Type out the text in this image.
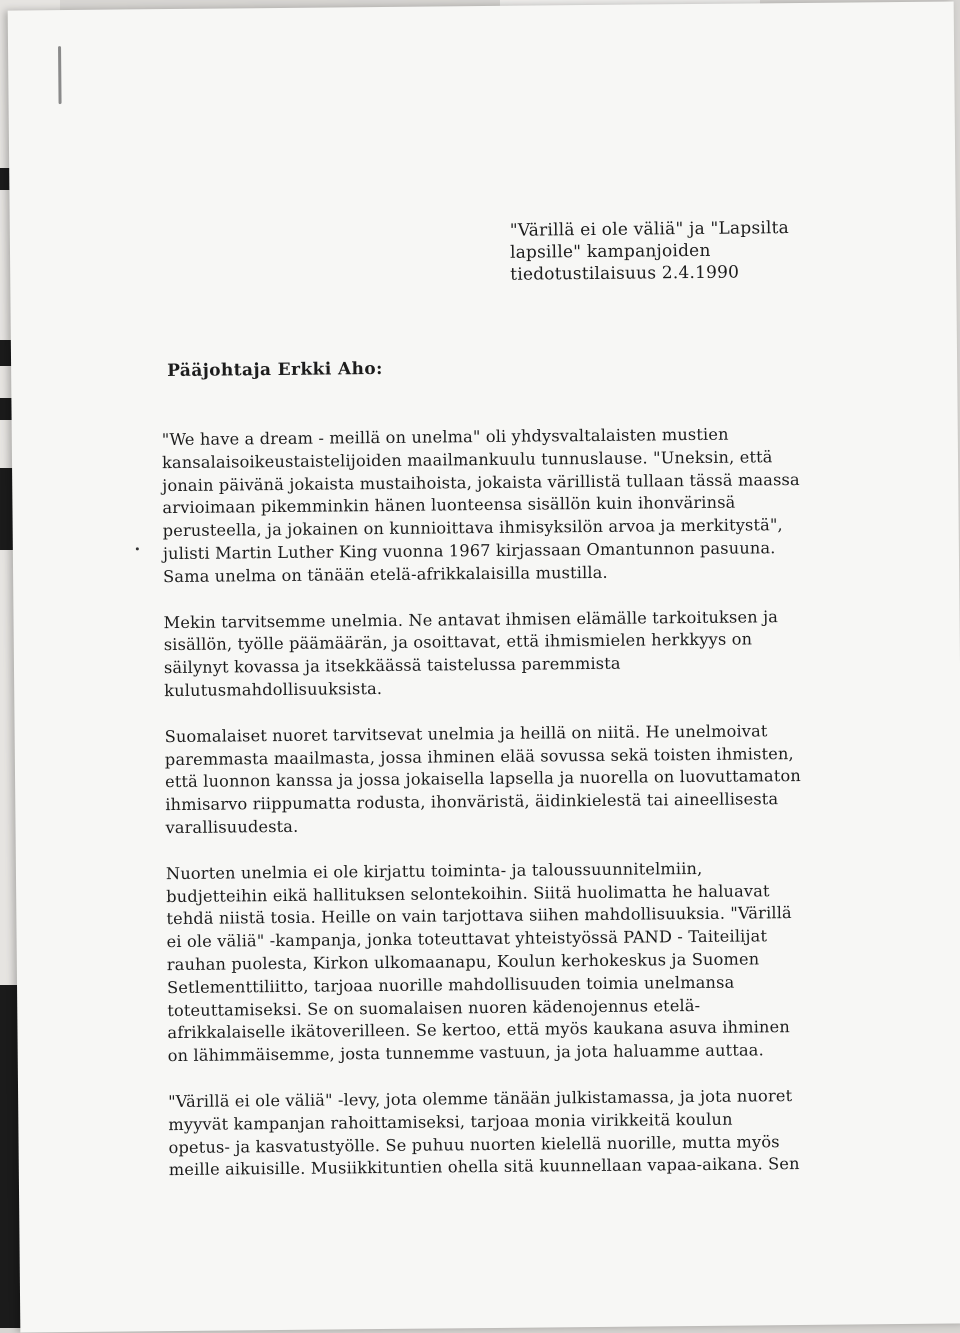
"Värillä ei ole väliä" ja "Lapsilta
lapsille" kampanjoiden
tiedotustilaisuus 2.4.1990
Pääjohtaja Erkki Aho:

"We have a dream - meillä on unelma" oli yhdysvaltalaisten mustien
kansalaisoikeustaistelijoiden maailmankuulu tunnuslause. "Uneksin, että
jonain päivänä jokaista mustaihoista, jokaista värillistä tullaan tässä maassa
arvioimaan pikemminkin hänen luonteensa sisällön kuin ihonvärinsä
perusteella, ja jokainen on kunnioittava ihmisyksilön arvoa ja merkitystä",
julisti Martin Luther King vuonna 1967 kirjassaan Omantunnon pasuuna.
Sama unelma on tänään etelä-afrikkalaisilla mustilla.

Mekin tarvitsemme unelmia. Ne antavat ihmisen elämälle tarkoituksen ja
sisällön, työlle päämäärän, ja osoittavat, että ihmismielen herkkyys on
säilynyt kovassa ja itsekkäässä taistelussa paremmista
kulutusmahdollisuuksista.

Suomalaiset nuoret tarvitsevat unelmia ja heillä on niitä. He unelmoivat
paremmasta maailmasta, jossa ihminen elää sovussa sekä toisten ihmisten,
että luonnon kanssa ja jossa jokaisella lapsella ja nuorella on luovuttamaton
ihmisarvo riippumatta rodusta, ihonväristä, äidinkielestä tai aineellisesta
varallisuudesta.

Nuorten unelmia ei ole kirjattu toiminta- ja taloussuunnitelmiin,
budjetteihin eikä hallituksen selontekoihin. Siitä huolimatta he haluavat
tehdä niistä tosia. Heille on vain tarjottava siihen mahdollisuuksia. "Värillä
ei ole väliä" -kampanja, jonka toteuttavat yhteistyössä PAND - Taiteilijat
rauhan puolesta, Kirkon ulkomaanapu, Koulun kerhokeskus ja Suomen
Setlementtiliitto, tarjoaa nuorille mahdollisuuden toimia unelmansa
toteuttamiseksi. Se on suomalaisen nuoren kädenojennus etelä-
afrikkalaiselle ikätoverilleen. Se kertoo, että myös kaukana asuva ihminen
on lähimmäisemme, josta tunnemme vastuun, ja jota haluamme auttaa.

"Värillä ei ole väliä" -levy, jota olemme tänään julkistamassa, ja jota nuoret
myyvät kampanjan rahoittamiseksi, tarjoaa monia virikkeitä koulun
opetus- ja kasvatustyölle. Se puhuu nuorten kielellä nuorille, mutta myös
meille aikuisille. Musiikkituntien ohella sitä kuunnellaan vapaa-aikana. Sen
